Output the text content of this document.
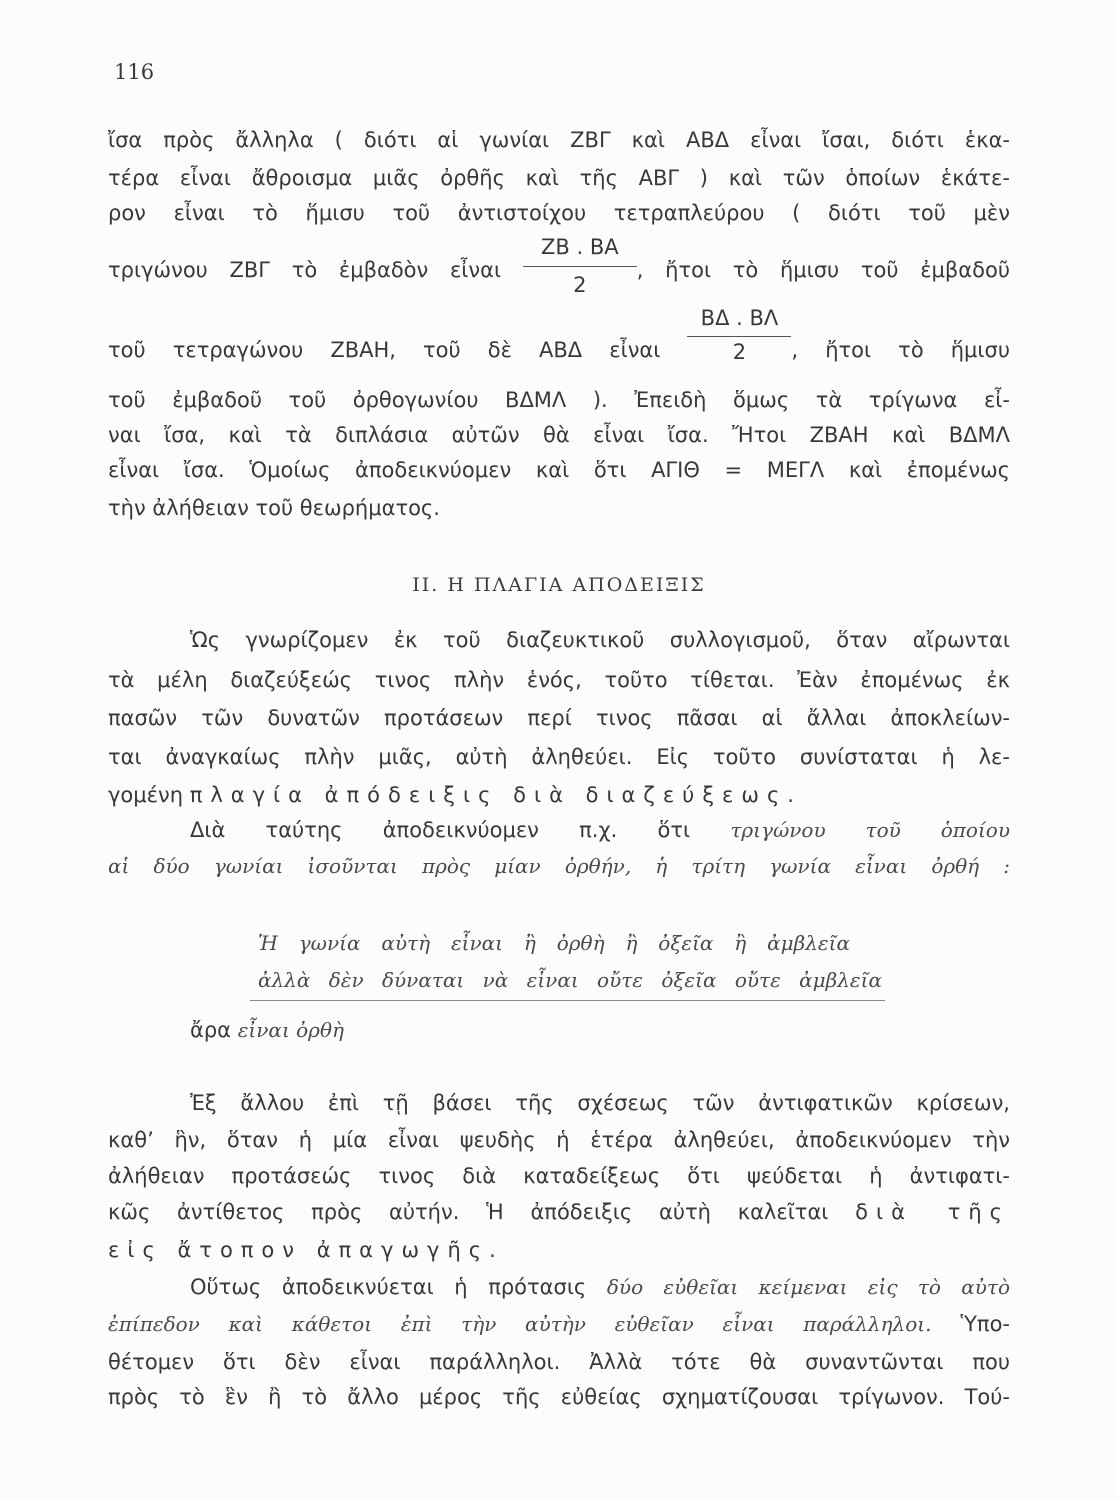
116
ἴσα πρὸς ἄλληλα ( διότι αἱ γωνίαι ΖΒΓ καὶ ΑΒΔ εἶναι ἴσαι, διότι ἑκα-
τέρα εἶναι ἄθροισμα μιᾶς ὀρθῆς καὶ τῆς ΑΒΓ ) καὶ τῶν ὁποίων ἑκάτε-
ρον εἶναι τὸ ἥμισυ τοῦ ἀντιστοίχου τετραπλεύρου ( διότι τοῦ μὲν
τριγώνου ΖΒΓ τὸ ἐμβαδὸν εἶναι $\frac{ZB . BA}{2}$ , ἤτοι τὸ ἥμισυ τοῦ ἐμβαδοῦ
τοῦ τετραγώνου ΖΒΑΗ, τοῦ δὲ ΑΒΔ εἶναι $\frac{B\Delta . B\Lambda}{2}$ , ἤτοι τὸ ἥμισυ
τοῦ ἐμβαδοῦ τοῦ ὀρθογωνίου ΒΔΜΛ ). Ἐπειδὴ ὅμως τὰ τρίγωνα εἶ-
ναι ἴσα, καὶ τὰ διπλάσια αὐτῶν θὰ εἶναι ἴσα. Ἤτοι ΖΒΑΗ καὶ ΒΔΜΛ
εἶναι ἴσα. Ὁμοίως ἀποδεικνύομεν καὶ ὅτι ΑΓΙΘ = ΜΕΓΛ καὶ ἐπομένως
τὴν ἀλήθειαν τοῦ θεωρήματος.
II. Η ΠΛΑΓΙΑ ΑΠΟΔΕΙΞΙΣ
Ὡς γνωρίζομεν ἐκ τοῦ διαζευκτικοῦ συλλογισμοῦ, ὅταν αἴρωνται
τὰ μέλη διαζεύξεώς τινος πλὴν ἑνός, τοῦτο τίθεται. Ἐὰν ἐπομένως ἐκ
πασῶν τῶν δυνατῶν προτάσεων περί τινος πᾶσαι αἱ ἄλλαι ἀποκλείων-
ται ἀναγκαίως πλὴν μιᾶς, αὐτὴ ἀληθεύει. Εἰς τοῦτο συνίσταται ἡ λε-
γομένη πλαγία ἀπόδειξις διὰ διαζεύξεως.
Διὰ ταύτης ἀποδεικνύομεν π.χ. ὅτι τριγώνου τοῦ ὁποίου
αἱ δύο γωνίαι ἰσοῦνται πρὸς μίαν ὀρθήν, ἡ τρίτη γωνία εἶναι ὀρθή :
Ἡ γωνία αὐτὴ εἶναι ἢ ὀρθὴ ἢ ὀξεῖα ἢ ἀμβλεῖα
ἀλλὰ δὲν δύναται νὰ εἶναι οὔτε ὀξεῖα οὔτε ἀμβλεῖα
ἄρα εἶναι ὀρθὴ
Ἐξ ἄλλου ἐπὶ τῇ βάσει τῆς σχέσεως τῶν ἀντιφατικῶν κρίσεων,
καθ’ ἣν, ὅταν ἡ μία εἶναι ψευδὴς ἡ ἑτέρα ἀληθεύει, ἀποδεικνύομεν τὴν
ἀλήθειαν προτάσεώς τινος διὰ καταδείξεως ὅτι ψεύδεται ἡ ἀντιφατι-
κῶς ἀντίθετος πρὸς αὐτήν. Ἡ ἀπόδειξις αὐτὴ καλεῖται διὰ τῆς
εἰς ἄτοπον ἀπαγωγῆς.
Οὕτως ἀποδεικνύεται ἡ πρότασις δύο εὐθεῖαι κείμεναι εἰς τὸ αὐτὸ
ἐπίπεδον καὶ κάθετοι ἐπὶ τὴν αὐτὴν εὐθεῖαν εἶναι παράλληλοι. Ὑπο-
θέτομεν ὅτι δὲν εἶναι παράλληλοι. Ἀλλὰ τότε θὰ συναντῶνται που
πρὸς τὸ ἓν ἢ τὸ ἄλλο μέρος τῆς εὐθείας σχηματίζουσαι τρίγωνον. Τού-
